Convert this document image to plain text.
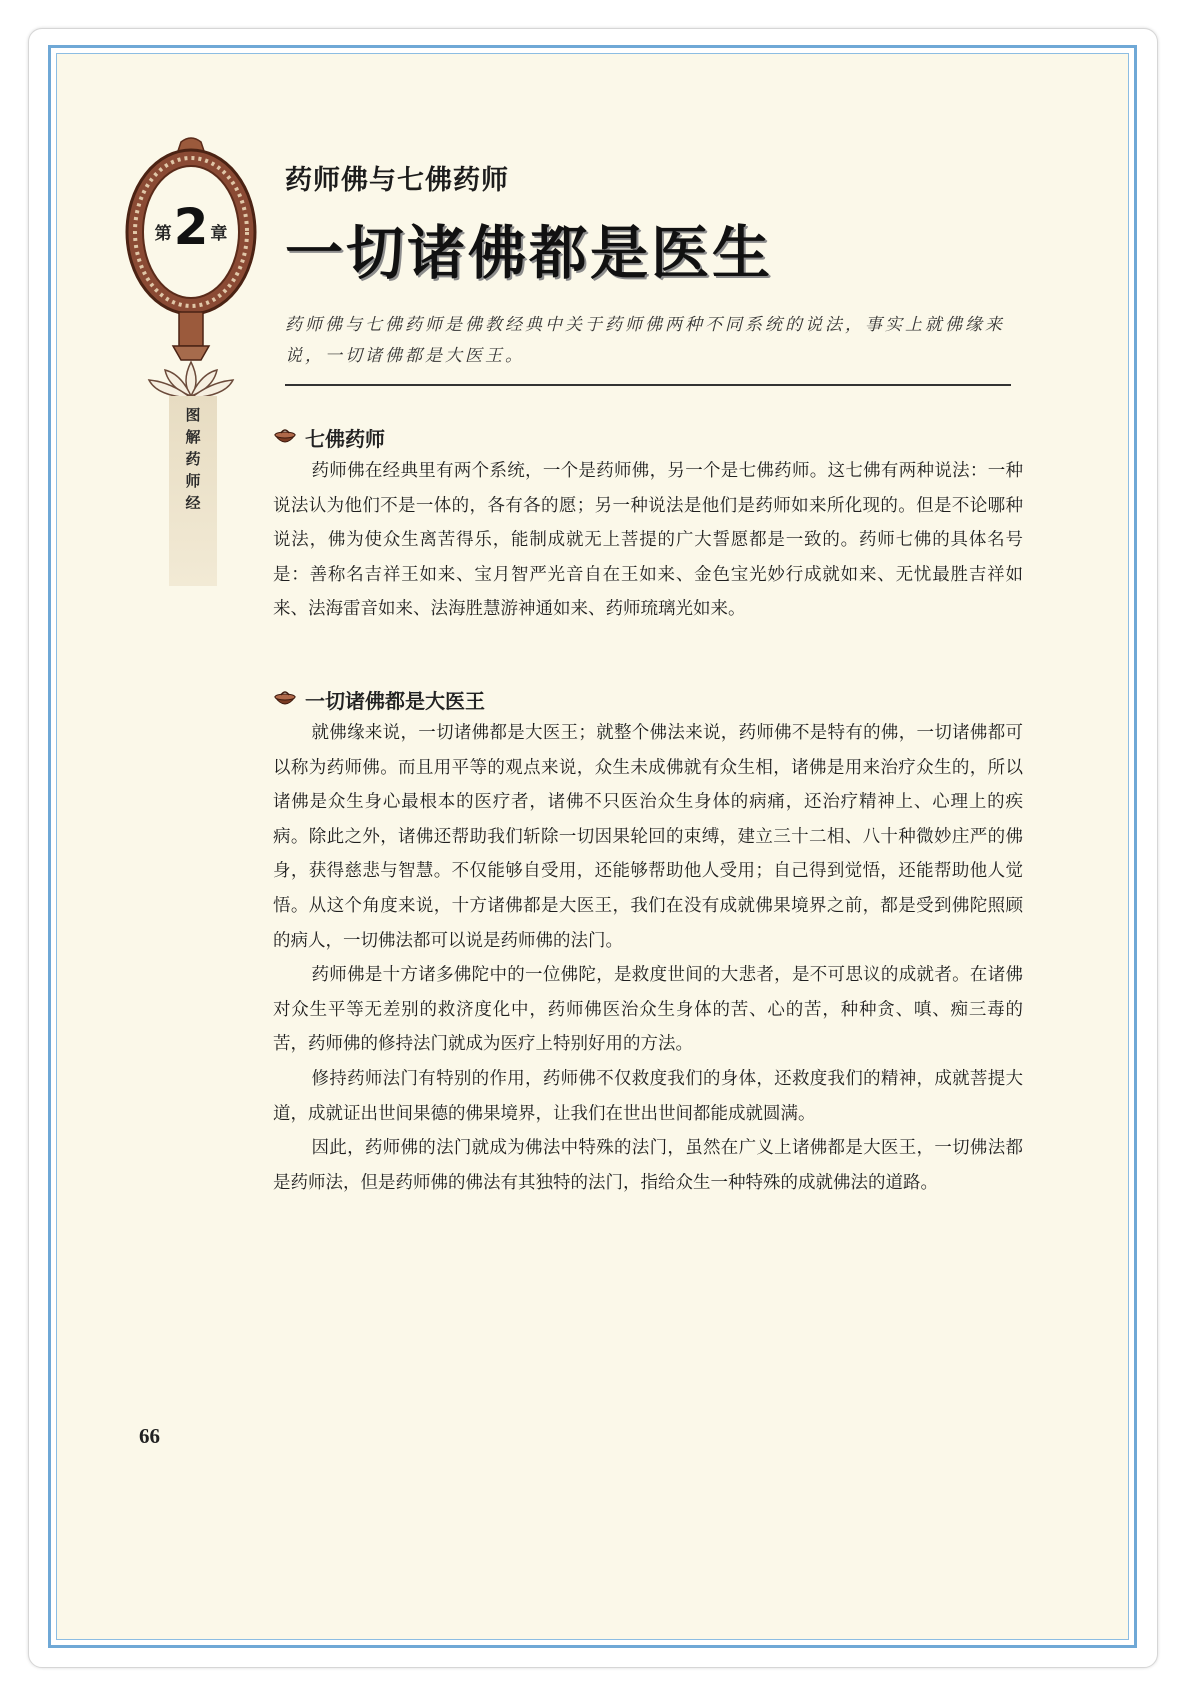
第 2 章
图
解
药
师
经
药师佛与七佛药师
一切诸佛都是医生
药师佛与七佛药师是佛教经典中关于药师佛两种不同系统的说法，事实上就佛缘来说，一切诸佛都是大医王。
七佛药师

药师佛在经典里有两个系统，一个是药师佛，另一个是七佛药师。这七佛有两种说法：一种说法认为他们不是一体的，各有各的愿；另一种说法是他们是药师如来所化现的。但是不论哪种说法，佛为使众生离苦得乐，能制成就无上菩提的广大誓愿都是一致的。药师七佛的具体名号是：善称名吉祥王如来、宝月智严光音自在王如来、金色宝光妙行成就如来、无忧最胜吉祥如来、法海雷音如来、法海胜慧游神通如来、药师琉璃光如来。

一切诸佛都是大医王

就佛缘来说，一切诸佛都是大医王；就整个佛法来说，药师佛不是特有的佛，一切诸佛都可以称为药师佛。而且用平等的观点来说，众生未成佛就有众生相，诸佛是用来治疗众生的，所以诸佛是众生身心最根本的医疗者，诸佛不只医治众生身体的病痛，还治疗精神上、心理上的疾病。除此之外，诸佛还帮助我们斩除一切因果轮回的束缚，建立三十二相、八十种微妙庄严的佛身，获得慈悲与智慧。不仅能够自受用，还能够帮助他人受用；自己得到觉悟，还能帮助他人觉悟。从这个角度来说，十方诸佛都是大医王，我们在没有成就佛果境界之前，都是受到佛陀照顾的病人，一切佛法都可以说是药师佛的法门。

药师佛是十方诸多佛陀中的一位佛陀，是救度世间的大悲者，是不可思议的成就者。在诸佛对众生平等无差别的救济度化中，药师佛医治众生身体的苦、心的苦，种种贪、嗔、痴三毒的苦，药师佛的修持法门就成为医疗上特别好用的方法。

修持药师法门有特别的作用，药师佛不仅救度我们的身体，还救度我们的精神，成就菩提大道，成就证出世间果德的佛果境界，让我们在世出世间都能成就圆满。

因此，药师佛的法门就成为佛法中特殊的法门，虽然在广义上诸佛都是大医王，一切佛法都是药师法，但是药师佛的佛法有其独特的法门，指给众生一种特殊的成就佛法的道路。

66
